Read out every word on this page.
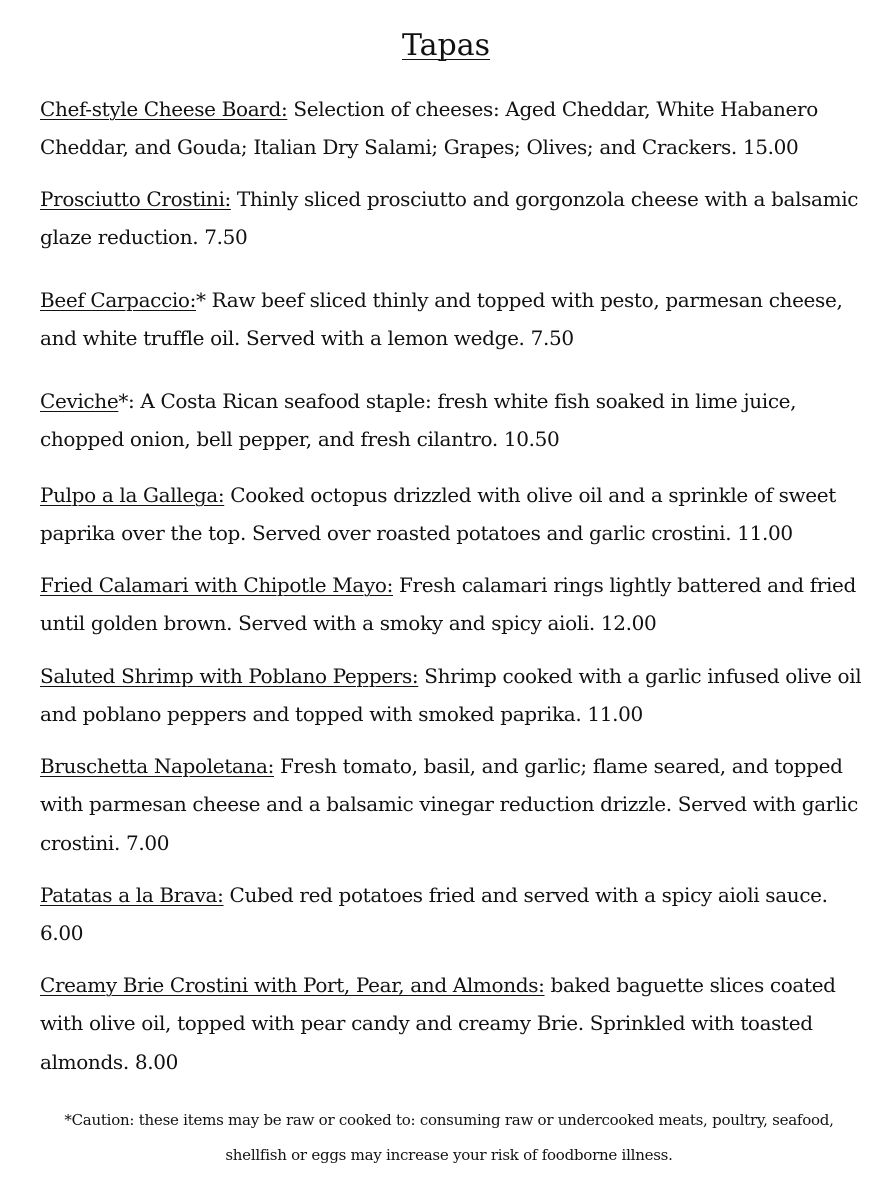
Tapas
Chef-style Cheese Board: Selection of cheeses: Aged Cheddar, White Habanero Cheddar, and Gouda; Italian Dry Salami; Grapes; Olives; and Crackers. 15.00
Prosciutto Crostini: Thinly sliced prosciutto and gorgonzola cheese with a balsamic glaze reduction. 7.50
Beef Carpaccio:* Raw beef sliced thinly and topped with pesto, parmesan cheese, and white truffle oil. Served with a lemon wedge. 7.50
Ceviche*: A Costa Rican seafood staple: fresh white fish soaked in lime juice, chopped onion, bell pepper, and fresh cilantro. 10.50
Pulpo a la Gallega: Cooked octopus drizzled with olive oil and a sprinkle of sweet paprika over the top. Served over roasted potatoes and garlic crostini. 11.00
Fried Calamari with Chipotle Mayo: Fresh calamari rings lightly battered and fried until golden brown. Served with a smoky and spicy aioli. 12.00
Saluted Shrimp with Poblano Peppers: Shrimp cooked with a garlic infused olive oil and poblano peppers and topped with smoked paprika. 11.00
Bruschetta Napoletana: Fresh tomato, basil, and garlic; flame seared, and topped with parmesan cheese and a balsamic vinegar reduction drizzle. Served with garlic crostini. 7.00
Patatas a la Brava: Cubed red potatoes fried and served with a spicy aioli sauce. 6.00
Creamy Brie Crostini with Port, Pear, and Almonds: baked baguette slices coated with olive oil, topped with pear candy and creamy Brie. Sprinkled with toasted almonds. 8.00
*Caution: these items may be raw or cooked to: consuming raw or undercooked meats, poultry, seafood, shellfish or eggs may increase your risk of foodborne illness.
